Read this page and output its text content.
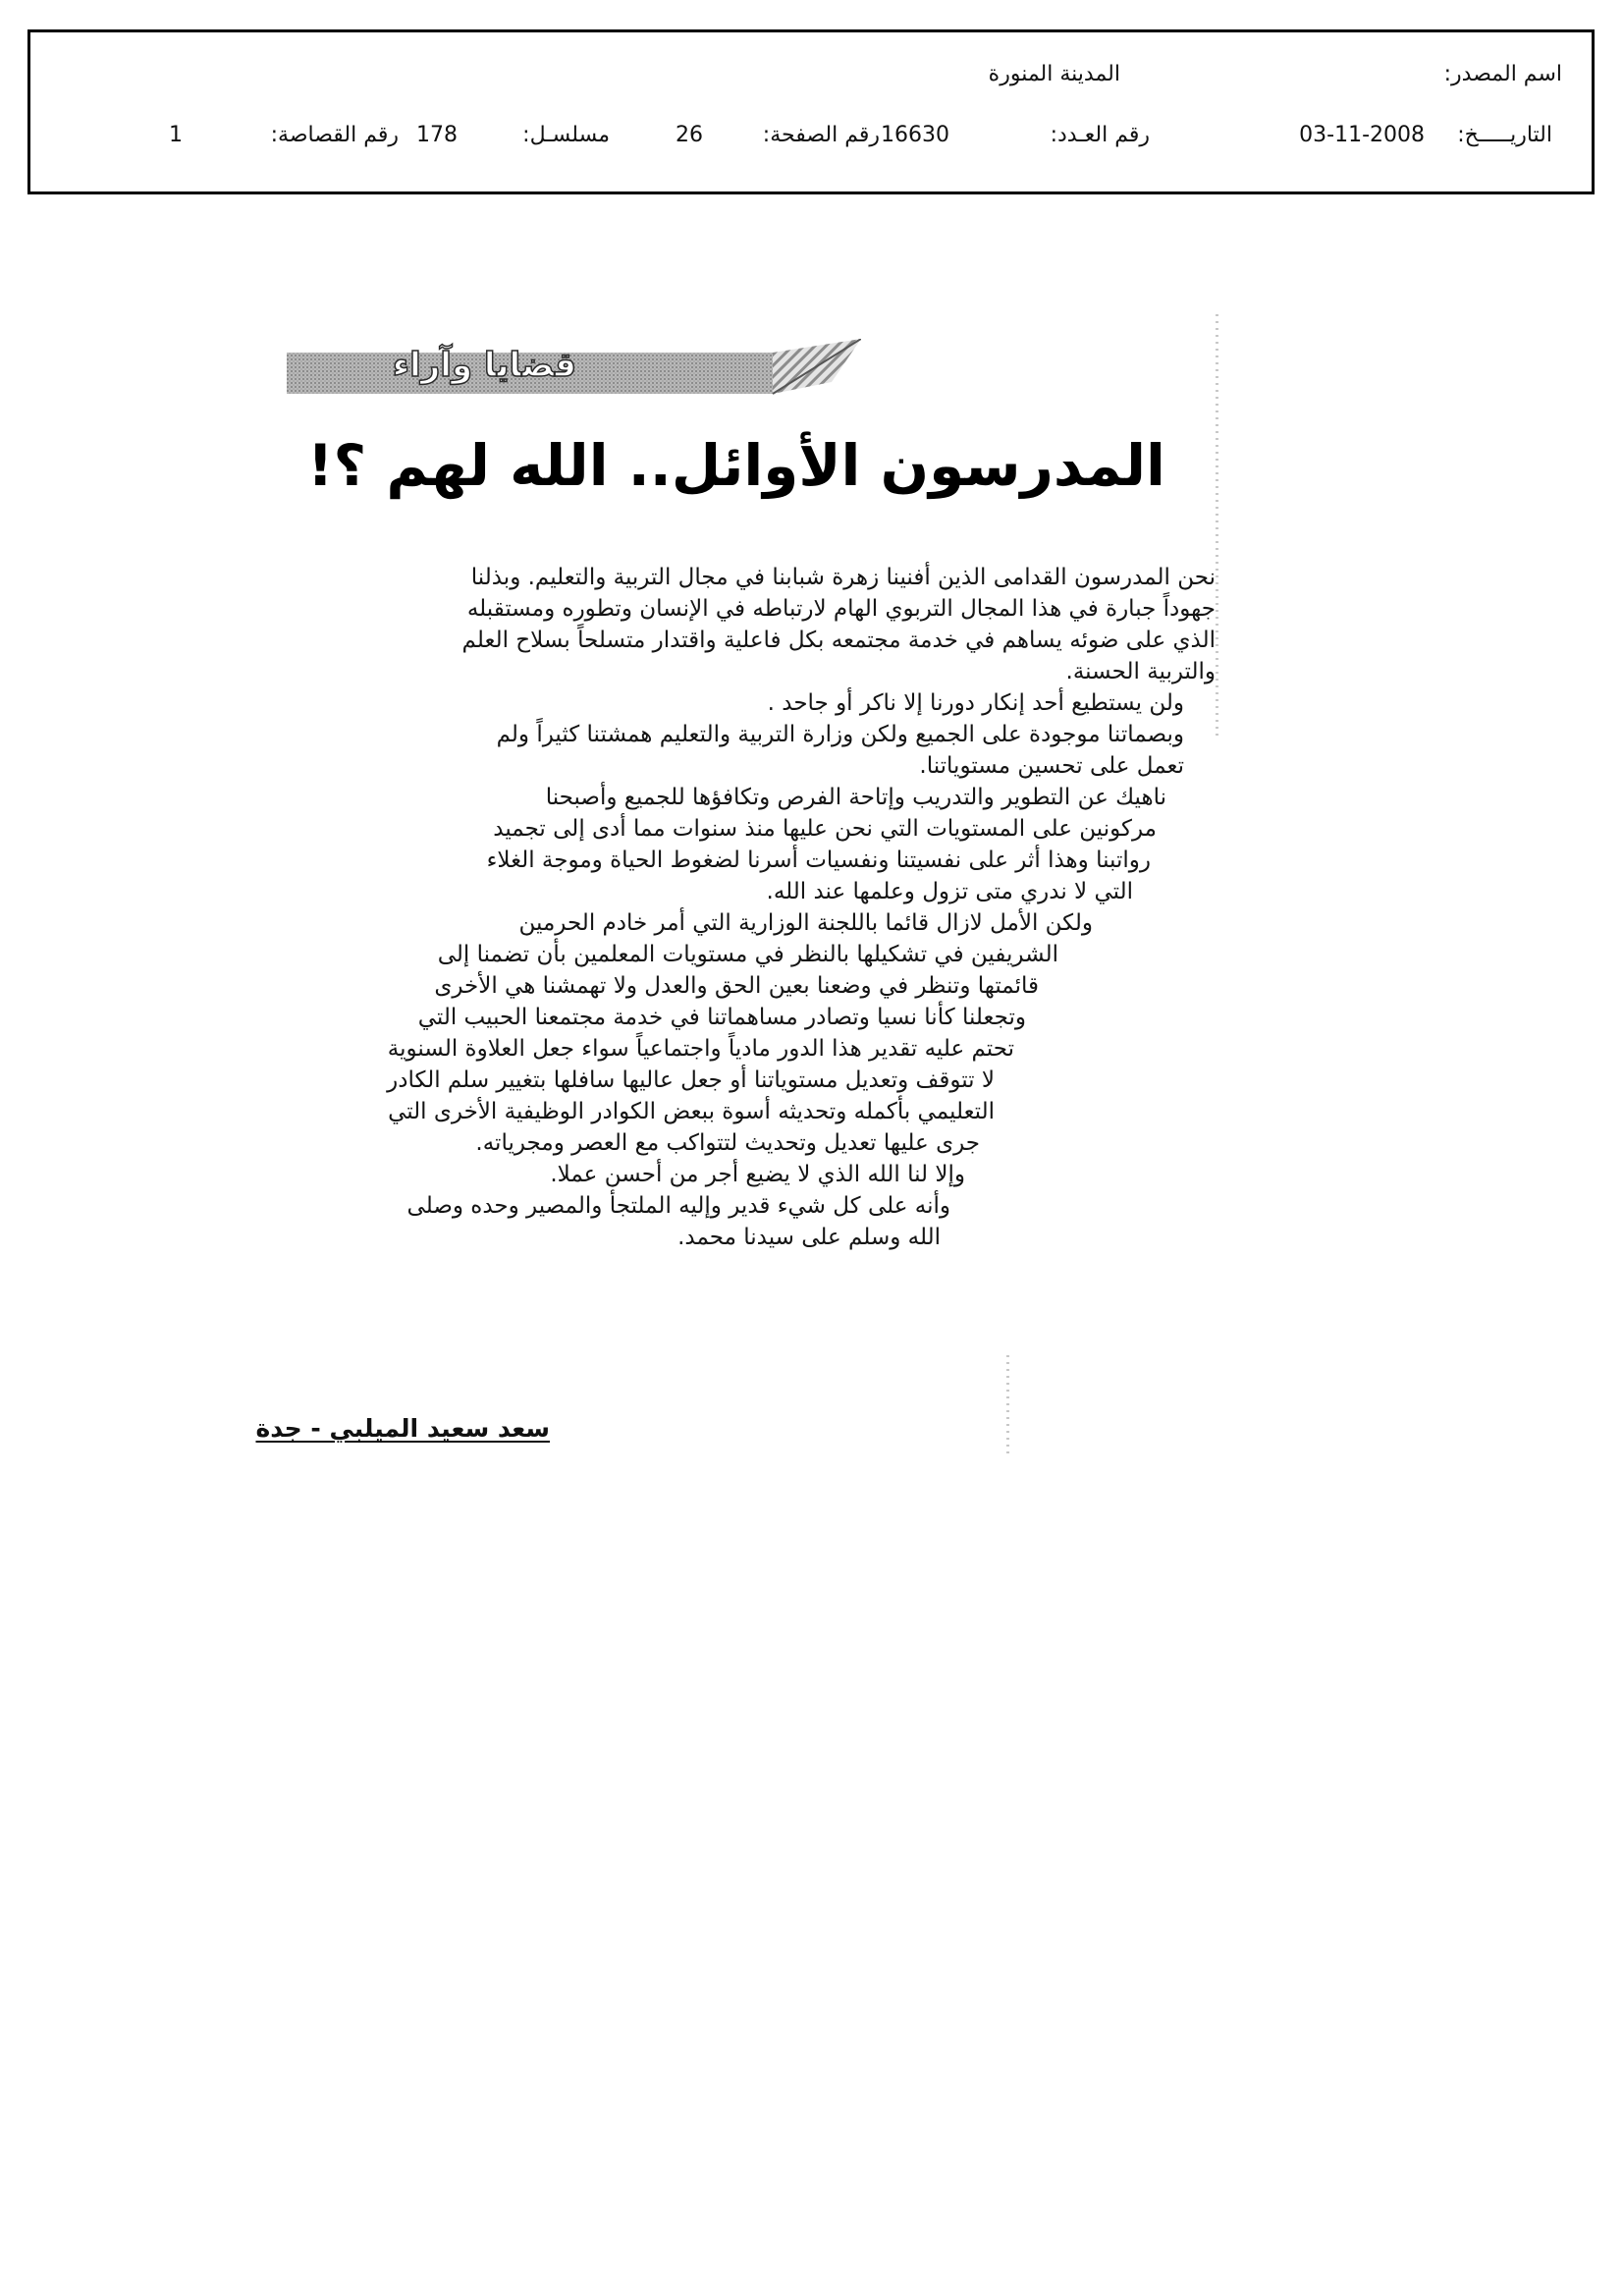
اسم المصدر:
المدينة المنورة
التاريـــــخ:
03-11-2008
رقم العـدد:
16630
رقم الصفحة:
26
مسلسـل:
178
رقم القصاصة:
1
قضايا وآراء
المدرسون الأوائل.. الله لهم ؟!
نحن المدرسون القدامى الذين أفنينا زهرة شبابنا في مجال التربية والتعليم. وبذلنا
جهوداً جبارة في هذا المجال التربوي الهام لارتباطه في الإنسان وتطوره ومستقبله
الذي على ضوئه يساهم في خدمة مجتمعه بكل فاعلية واقتدار متسلحاً بسلاح العلم
والتربية الحسنة.
ولن يستطيع أحد إنكار دورنا إلا ناكر أو جاحد .
وبصماتنا موجودة على الجميع ولكن وزارة التربية والتعليم همشتنا كثيراً ولم
تعمل على تحسين مستوياتنا.
ناهيك عن التطوير والتدريب وإتاحة الفرص وتكافؤها للجميع وأصبحنا
مركونين على المستويات التي نحن عليها منذ سنوات مما أدى إلى تجميد
رواتبنا وهذا أثر على نفسيتنا ونفسيات أسرنا لضغوط الحياة وموجة الغلاء
التي لا ندري متى تزول وعلمها عند الله.
ولكن الأمل لازال قائما باللجنة الوزارية التي أمر خادم الحرمين
الشريفين في تشكيلها بالنظر في مستويات المعلمين بأن تضمنا إلى
قائمتها وتنظر في وضعنا بعين الحق والعدل ولا تهمشنا هي الأخرى
وتجعلنا كأنا نسيا وتصادر مساهماتنا في خدمة مجتمعنا الحبيب التي
تحتم عليه تقدير هذا الدور مادياً واجتماعياً سواء جعل العلاوة السنوية
لا تتوقف وتعديل مستوياتنا أو جعل عاليها سافلها بتغيير سلم الكادر
التعليمي بأكمله وتحديثه أسوة ببعض الكوادر الوظيفية الأخرى التي
جرى عليها تعديل وتحديث لتتواكب مع العصر ومجرياته.
وإلا لنا الله الذي لا يضيع أجر من أحسن عملا.
وأنه على كل شيء قدير وإليه الملتجأ والمصير وحده وصلى
الله وسلم على سيدنا محمد.
سعد سعيد الميلبي - جدة
